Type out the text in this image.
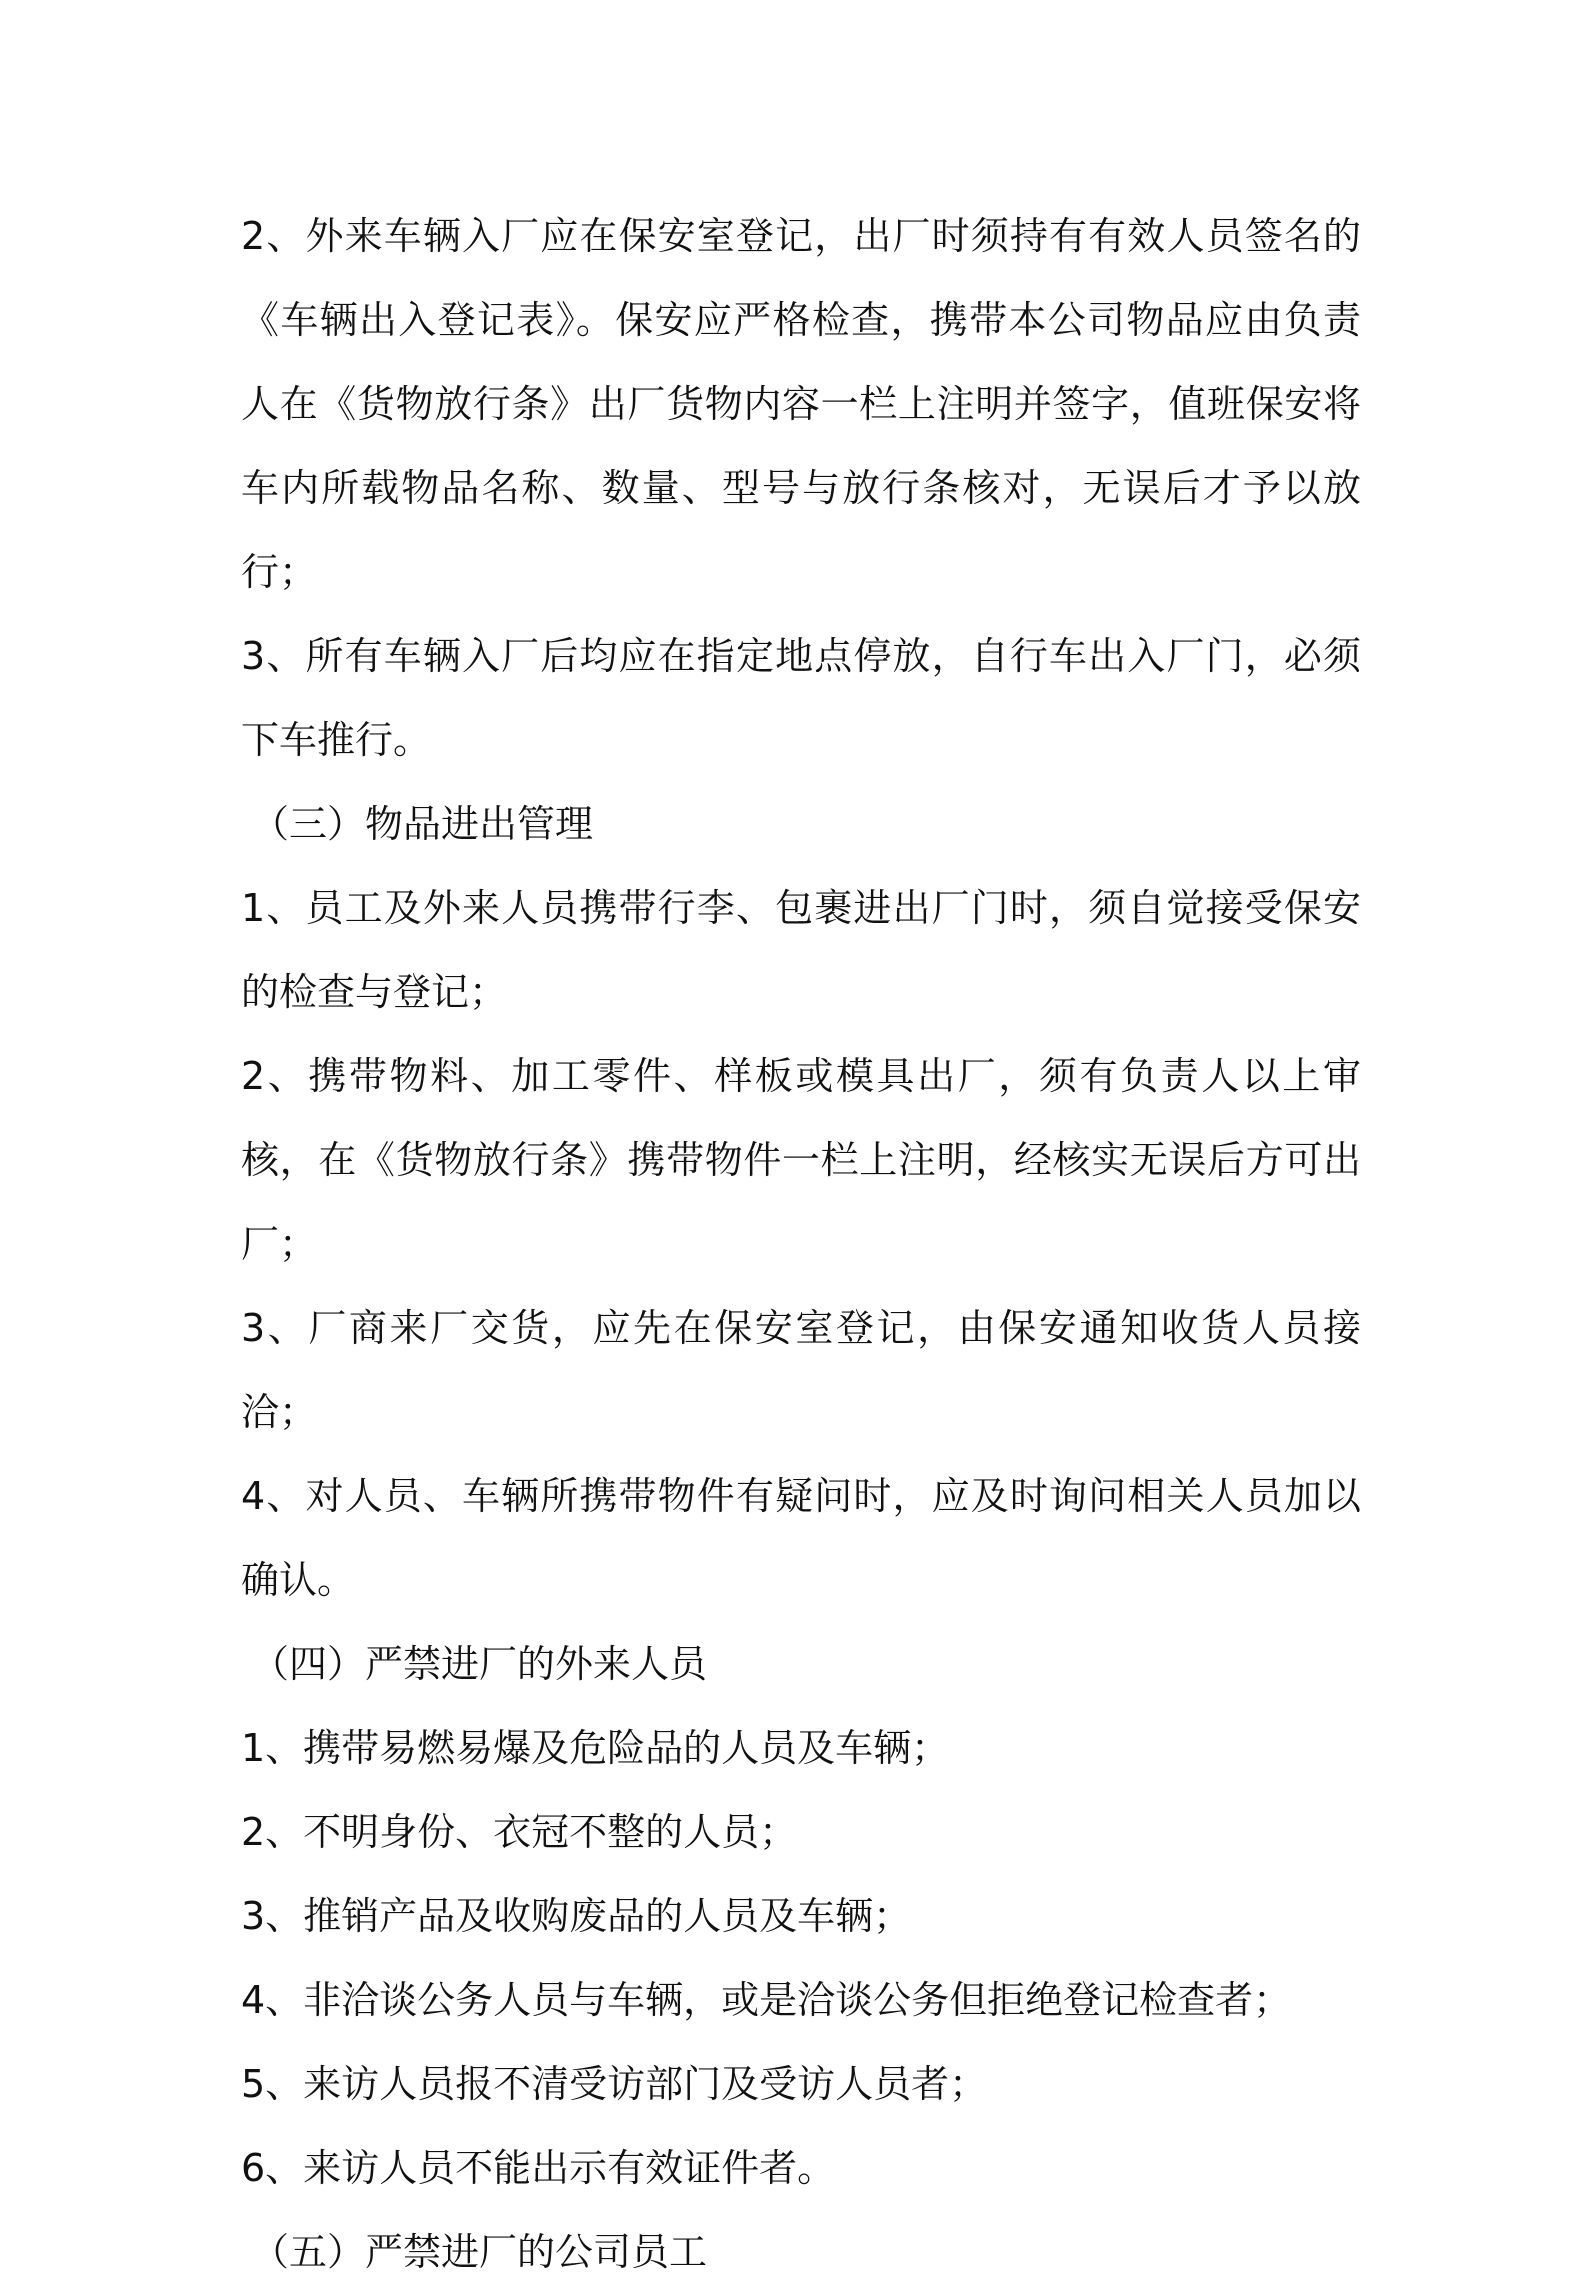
2、外来车辆入厂应在保安室登记，出厂时须持有有效人员签名的《车辆出入登记表》。保安应严格检查，携带本公司物品应由负责人在《货物放行条》出厂货物内容一栏上注明并签字，值班保安将车内所载物品名称、数量、型号与放行条核对，无误后才予以放行；

3、所有车辆入厂后均应在指定地点停放，自行车出入厂门，必须下车推行。

（三）物品进出管理

1、员工及外来人员携带行李、包裹进出厂门时，须自觉接受保安的检查与登记；

2、携带物料、加工零件、样板或模具出厂，须有负责人以上审核，在《货物放行条》携带物件一栏上注明，经核实无误后方可出厂；

3、厂商来厂交货，应先在保安室登记，由保安通知收货人员接洽；

4、对人员、车辆所携带物件有疑问时，应及时询问相关人员加以确认。

（四）严禁进厂的外来人员

1、携带易燃易爆及危险品的人员及车辆；

2、不明身份、衣冠不整的人员；

3、推销产品及收购废品的人员及车辆；

4、非洽谈公务人员与车辆，或是洽谈公务但拒绝登记检查者；

5、来访人员报不清受访部门及受访人员者；

6、来访人员不能出示有效证件者。

（五）严禁进厂的公司员工
